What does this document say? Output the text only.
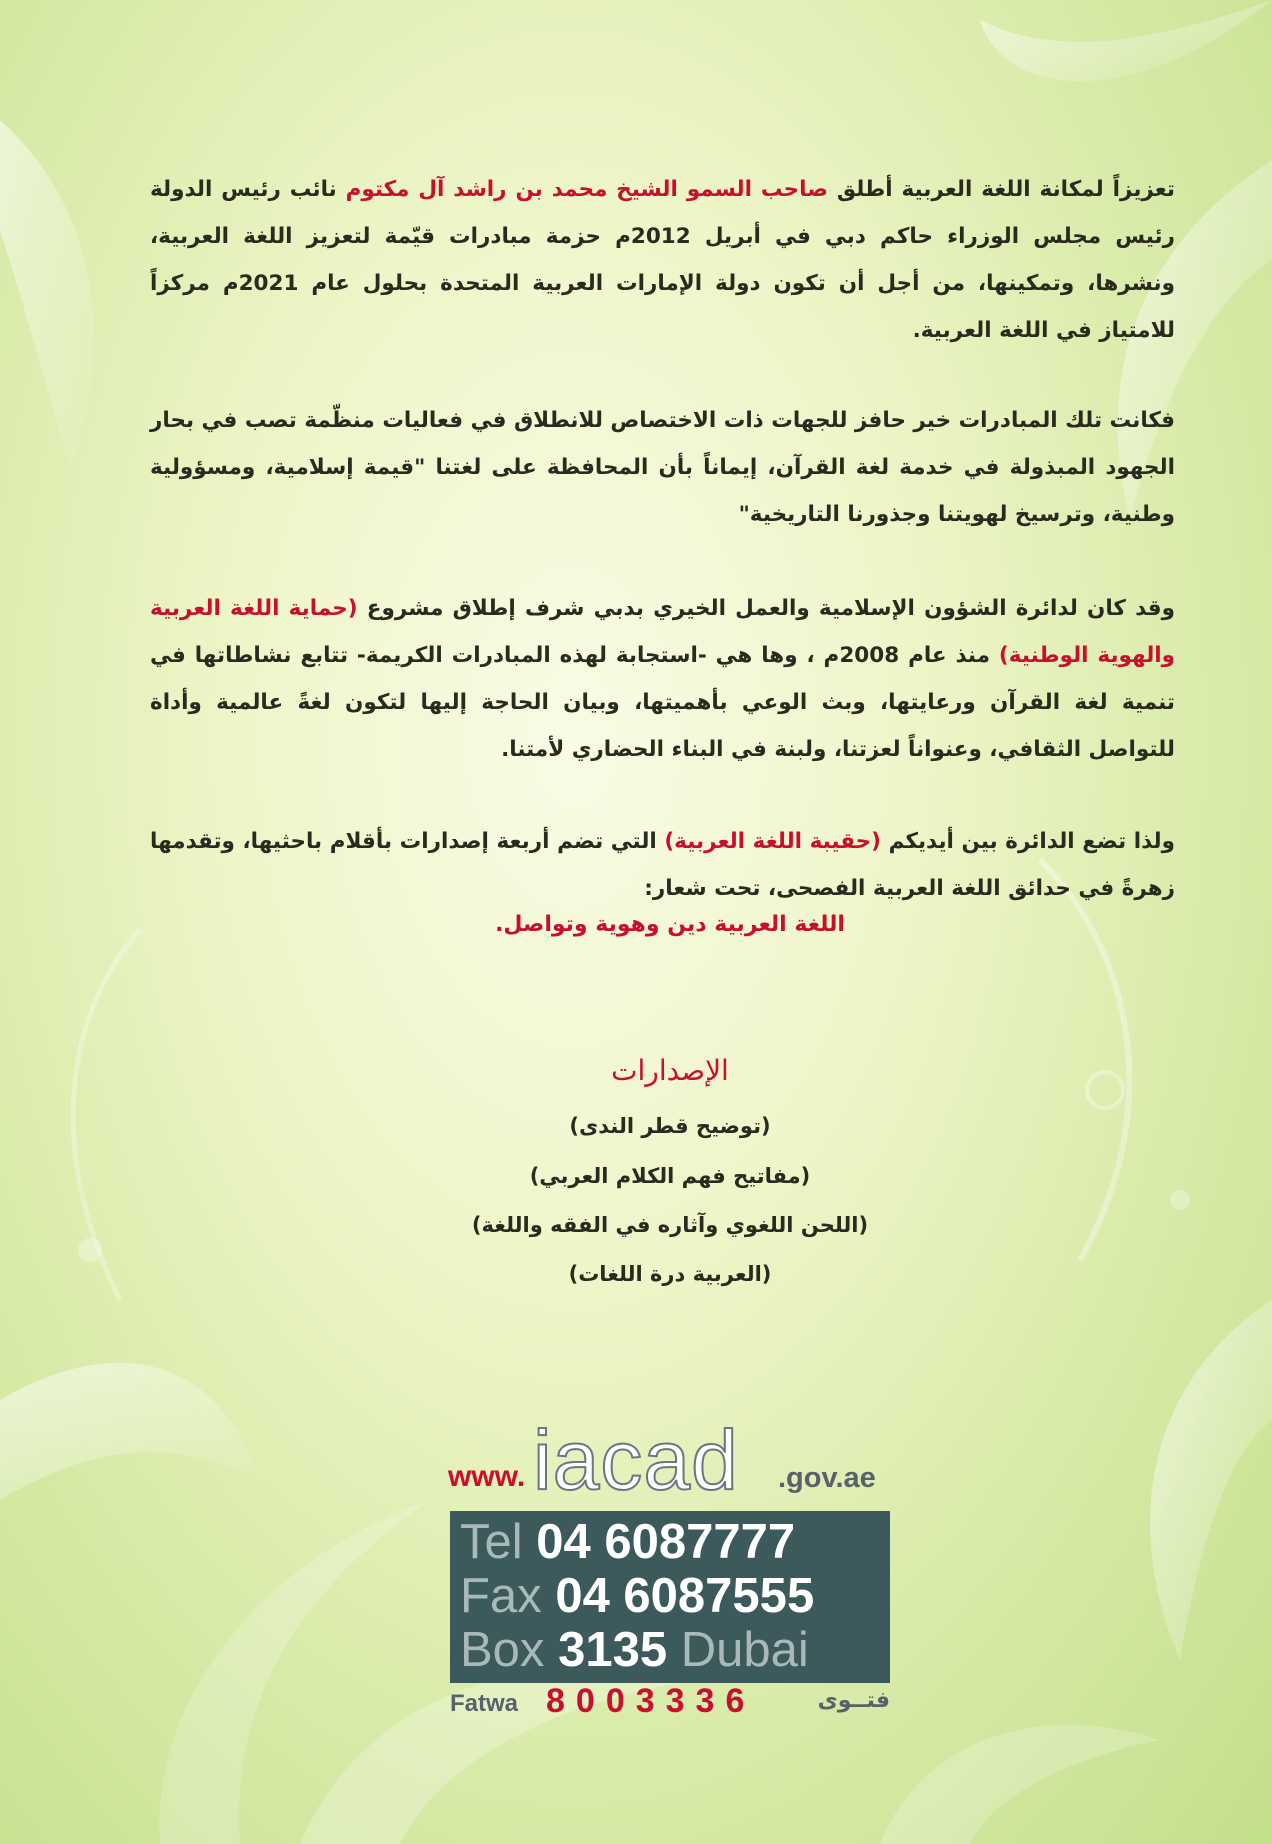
تعزيزاً لمكانة اللغة العربية أطلق صاحب السمو الشيخ محمد بن راشد آل مكتوم نائب رئيس الدولة رئيس مجلس الوزراء حاكم دبي في أبريل 2012م حزمة مبادرات قيّمة لتعزيز اللغة العربية، ونشرها، وتمكينها، من أجل أن تكون دولة الإمارات العربية المتحدة بحلول عام 2021م مركزاً للامتياز في اللغة العربية.
فكانت تلك المبادرات خير حافز للجهات ذات الاختصاص للانطلاق في فعاليات منظّمة تصب في بحار الجهود المبذولة في خدمة لغة القرآن، إيماناً بأن المحافظة على لغتنا "قيمة إسلامية، ومسؤولية وطنية، وترسيخ لهويتنا وجذورنا التاريخية"
وقد كان لدائرة الشؤون الإسلامية والعمل الخيري بدبي شرف إطلاق مشروع (حماية اللغة العربية والهوية الوطنية) منذ عام 2008م ، وها هي -استجابة لهذه المبادرات الكريمة- تتابع نشاطاتها في تنمية لغة القرآن ورعايتها، وبث الوعي بأهميتها، وبيان الحاجة إليها لتكون لغةً عالمية وأداة للتواصل الثقافي، وعنواناً لعزتنا، ولبنة في البناء الحضاري لأمتنا.
ولذا تضع الدائرة بين أيديكم (حقيبة اللغة العربية) التي تضم أربعة إصدارات بأقلام باحثيها، وتقدمها زهرةً في حدائق اللغة العربية الفصحى، تحت شعار:
اللغة العربية دين وهوية وتواصل.
الإصدارات
(توضيح قطر الندى)
(مفاتيح فهم الكلام العربي)
(اللحن اللغوي وآثاره في الفقه واللغة)
(العربية درة اللغات)
www. iacad .gov.ae
Tel 04 6087777
Fax 04 6087555
Box 3135 Dubai
Fatwa 8003336	فتــوى
